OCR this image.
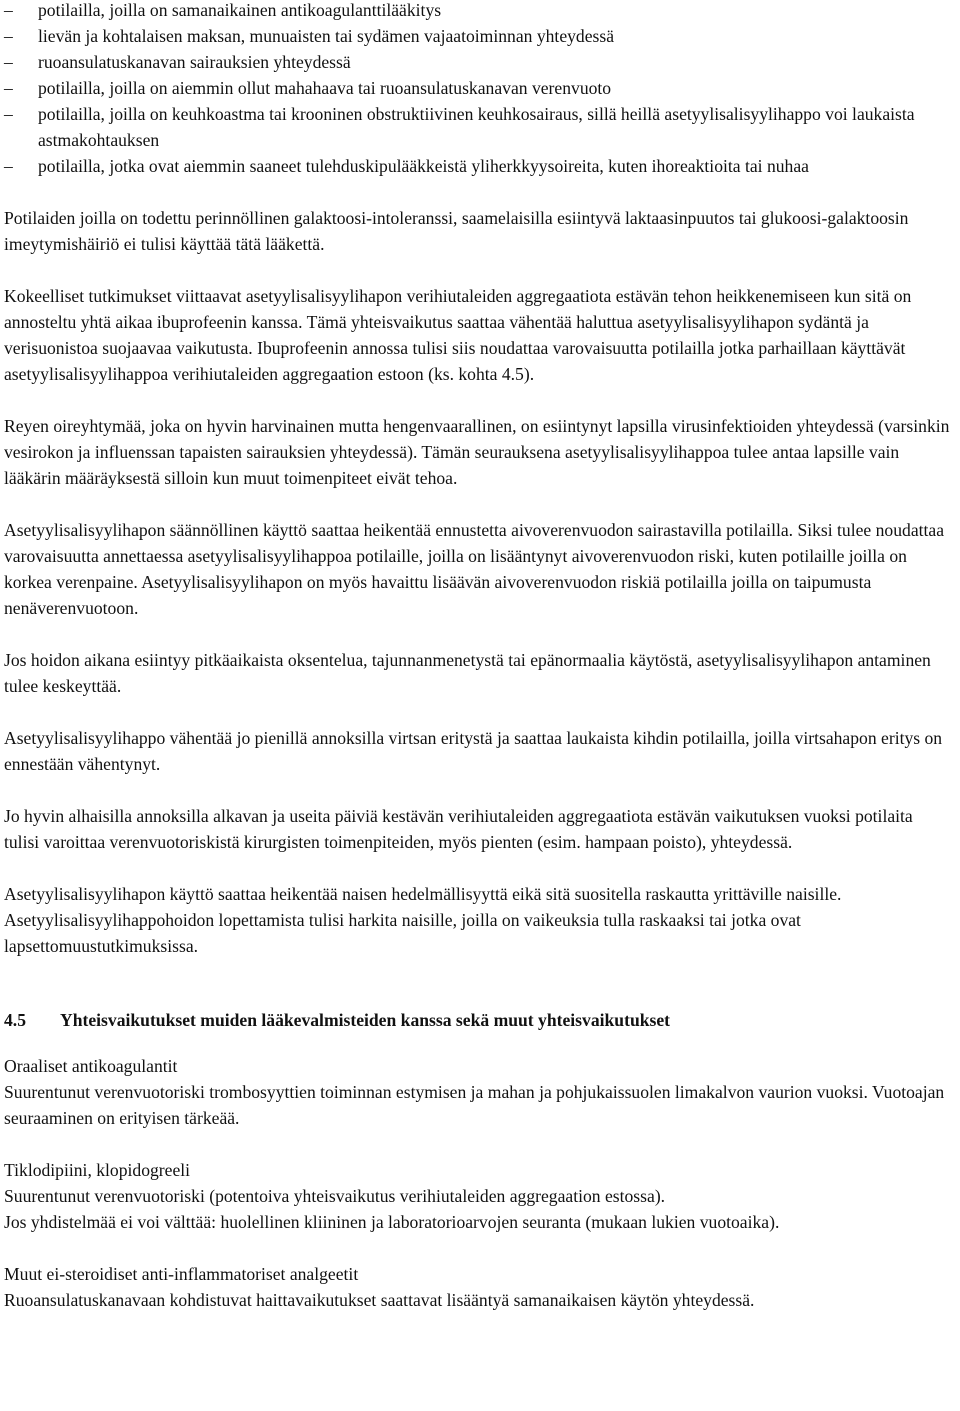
– potilailla, joilla on samanaikainen antikoagulanttilääkitys
– lievän ja kohtalaisen maksan, munuaisten tai sydämen vajaatoiminnan yhteydessä
– ruoansulatuskanavan sairauksien yhteydessä
– potilailla, joilla on aiemmin ollut mahahaava tai ruoansulatuskanavan verenvuoto
– potilailla, joilla on keuhkoastma tai krooninen obstruktiivinen keuhkosairaus, sillä heillä asetyylisalisyylihappo voi laukaista astmakohtauksen
– potilailla, jotka ovat aiemmin saaneet tulehduskipulääkkeistä yliherkkyysoireita, kuten ihoreaktioita tai nuhaa

Potilaiden joilla on todettu perinnöllinen galaktoosi-intoleranssi, saamelaisilla esiintyvä laktaasinpuutos tai glukoosi-galaktoosin imeytymishäiriö ei tulisi käyttää tätä lääkettä.

Kokeelliset tutkimukset viittaavat asetyylisalisyylihapon verihiutaleiden aggregaatiota estävän tehon heikkenemiseen kun sitä on annosteltu yhtä aikaa ibuprofeenin kanssa. Tämä yhteisvaikutus saattaa vähentää haluttua asetyylisalisyylihapon sydäntä ja verisuonistoa suojaavaa vaikutusta. Ibuprofeenin annossa tulisi siis noudattaa varovaisuutta potilailla jotka parhaillaan käyttävät asetyylisalisyylihappoa verihiutaleiden aggregaation estoon (ks. kohta 4.5).

Reyen oireyhtymää, joka on hyvin harvinainen mutta hengenvaarallinen, on esiintynyt lapsilla virusinfektioiden yhteydessä (varsinkin vesirokon ja influenssan tapaisten sairauksien yhteydessä). Tämän seurauksena asetyylisalisyylihappoa tulee antaa lapsille vain lääkärin määräyksestä silloin kun muut toimenpiteet eivät tehoa.

Asetyylisalisyylihapon säännöllinen käyttö saattaa heikentää ennustetta aivoverenvuodon sairastavilla potilailla. Siksi tulee noudattaa varovaisuutta annettaessa asetyylisalisyylihappoa potilaille, joilla on lisääntynyt aivoverenvuodon riski, kuten potilaille joilla on korkea verenpaine. Asetyylisalisyylihapon on myös havaittu lisäävän aivoverenvuodon riskiä potilailla joilla on taipumusta nenäverenvuotoon.

Jos hoidon aikana esiintyy pitkäaikaista oksentelua, tajunnanmenetystä tai epänormaalia käytöstä, asetyylisalisyylihapon antaminen tulee keskeyttää.

Asetyylisalisyylihappo vähentää jo pienillä annoksilla virtsan eritystä ja saattaa laukaista kihdin potilailla, joilla virtsahapon eritys on ennestään vähentynyt.

Jo hyvin alhaisilla annoksilla alkavan ja useita päiviä kestävän verihiutaleiden aggregaatiota estävän vaikutuksen vuoksi potilaita tulisi varoittaa verenvuotoriskistä kirurgisten toimenpiteiden, myös pienten (esim. hampaan poisto), yhteydessä.

Asetyylisalisyylihapon käyttö saattaa heikentää naisen hedelmällisyyttä eikä sitä suositella raskautta yrittäville naisille. Asetyylisalisyylihappohoidon lopettamista tulisi harkita naisille, joilla on vaikeuksia tulla raskaaksi tai jotka ovat lapsettomuustutkimuksissa.

4.5	Yhteisvaikutukset muiden lääkevalmisteiden kanssa sekä muut yhteisvaikutukset

Oraaliset antikoagulantit

Suurentunut verenvuotoriski trombosyyttien toiminnan estymisen ja mahan ja pohjukaissuolen limakalvon vaurion vuoksi. Vuotoajan seuraaminen on erityisen tärkeää.

Tiklodipiini, klopidogreeli

Suurentunut verenvuotoriski (potentoiva yhteisvaikutus verihiutaleiden aggregaation estossa).

Jos yhdistelmää ei voi välttää: huolellinen kliininen ja laboratorioarvojen seuranta (mukaan lukien vuotoaika).

Muut ei-steroidiset anti-inflammatoriset analgeetit

Ruoansulatuskanavaan kohdistuvat haittavaikutukset saattavat lisääntyä samanaikaisen käytön yhteydessä.
